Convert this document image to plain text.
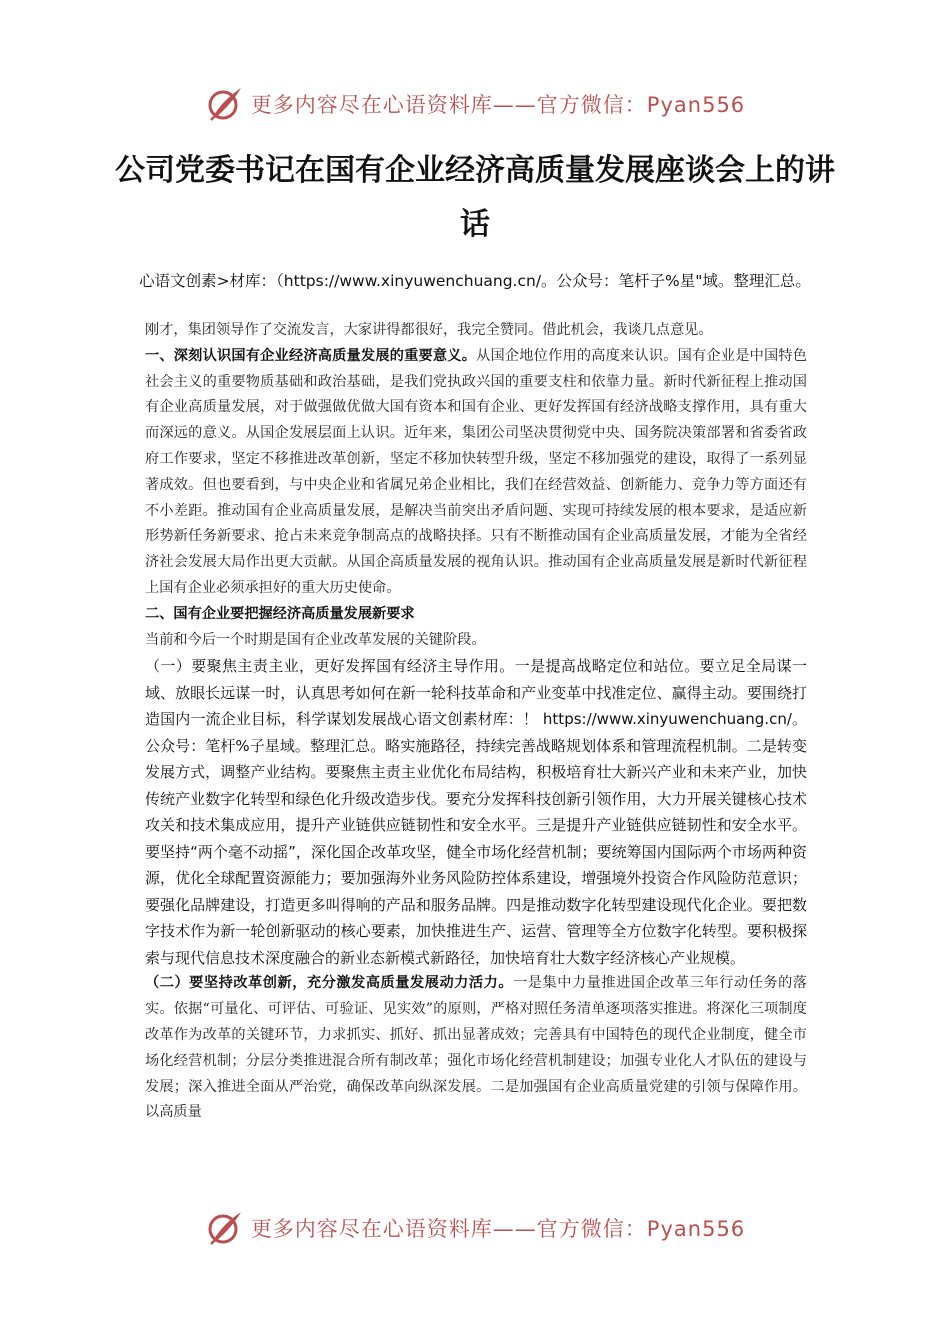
更多内容尽在心语资料库——官方微信：Pyan556
公司党委书记在国有企业经济高质量发展座谈会上的讲话
心语文创素>材库：（https://www.xinyuwenchuang.cn/。公众号：笔杆子%星"域。整理汇总。

刚才，集团领导作了交流发言，大家讲得都很好，我完全赞同。借此机会，我谈几点意见。

一、深刻认识国有企业经济高质量发展的重要意义。从国企地位作用的高度来认识。国有企业是中国特色社会主义的重要物质基础和政治基础，是我们党执政兴国的重要支柱和依靠力量。新时代新征程上推动国有企业高质量发展，对于做强做优做大国有资本和国有企业、更好发挥国有经济战略支撑作用，具有重大而深远的意义。从国企发展层面上认识。近年来，集团公司坚决贯彻党中央、国务院决策部署和省委省政府工作要求，坚定不移推进改革创新，坚定不移加快转型升级，坚定不移加强党的建设，取得了一系列显著成效。但也要看到，与中央企业和省属兄弟企业相比，我们在经营效益、创新能力、竞争力等方面还有不小差距。推动国有企业高质量发展，是解决当前突出矛盾问题、实现可持续发展的根本要求，是适应新形势新任务新要求、抢占未来竞争制高点的战略抉择。只有不断推动国有企业高质量发展，才能为全省经济社会发展大局作出更大贡献。从国企高质量发展的视角认识。推动国有企业高质量发展是新时代新征程上国有企业必须承担好的重大历史使命。

二、国有企业要把握经济高质量发展新要求

当前和今后一个时期是国有企业改革发展的关键阶段。

（一）要聚焦主责主业，更好发挥国有经济主导作用。一是提高战略定位和站位。要立足全局谋一域、放眼长远谋一时，认真思考如何在新一轮科技革命和产业变革中找准定位、赢得主动。要围绕打造国内一流企业目标，科学谋划发展战心语文创素材库：！ https://www.xinyuwenchuang.cn/。公众号：笔杆%子星域。整理汇总。略实施路径，持续完善战略规划体系和管理流程机制。二是转变发展方式，调整产业结构。要聚焦主责主业优化布局结构，积极培育壮大新兴产业和未来产业，加快传统产业数字化转型和绿色化升级改造步伐。要充分发挥科技创新引领作用，大力开展关键核心技术攻关和技术集成应用，提升产业链供应链韧性和安全水平。三是提升产业链供应链韧性和安全水平。要坚持“两个毫不动摇”，深化国企改革攻坚，健全市场化经营机制；要统筹国内国际两个市场两种资源，优化全球配置资源能力；要加强海外业务风险防控体系建设，增强境外投资合作风险防范意识；要强化品牌建设，打造更多叫得响的产品和服务品牌。四是推动数字化转型建设现代化企业。要把数字技术作为新一轮创新驱动的核心要素，加快推进生产、运营、管理等全方位数字化转型。要积极探索与现代信息技术深度融合的新业态新模式新路径，加快培育壮大数字经济核心产业规模。

（二）要坚持改革创新，充分激发高质量发展动力活力。一是集中力量推进国企改革三年行动任务的落实。依据“可量化、可评估、可验证、见实效”的原则，严格对照任务清单逐项落实推进。将深化三项制度改革作为改革的关键环节，力求抓实、抓好、抓出显著成效；完善具有中国特色的现代企业制度，健全市场化经营机制；分层分类推进混合所有制改革；强化市场化经营机制建设；加强专业化人才队伍的建设与发展；深入推进全面从严治党，确保改革向纵深发展。二是加强国有企业高质量党建的引领与保障作用。以高质量

更多内容尽在心语资料库——官方微信：Pyan556
